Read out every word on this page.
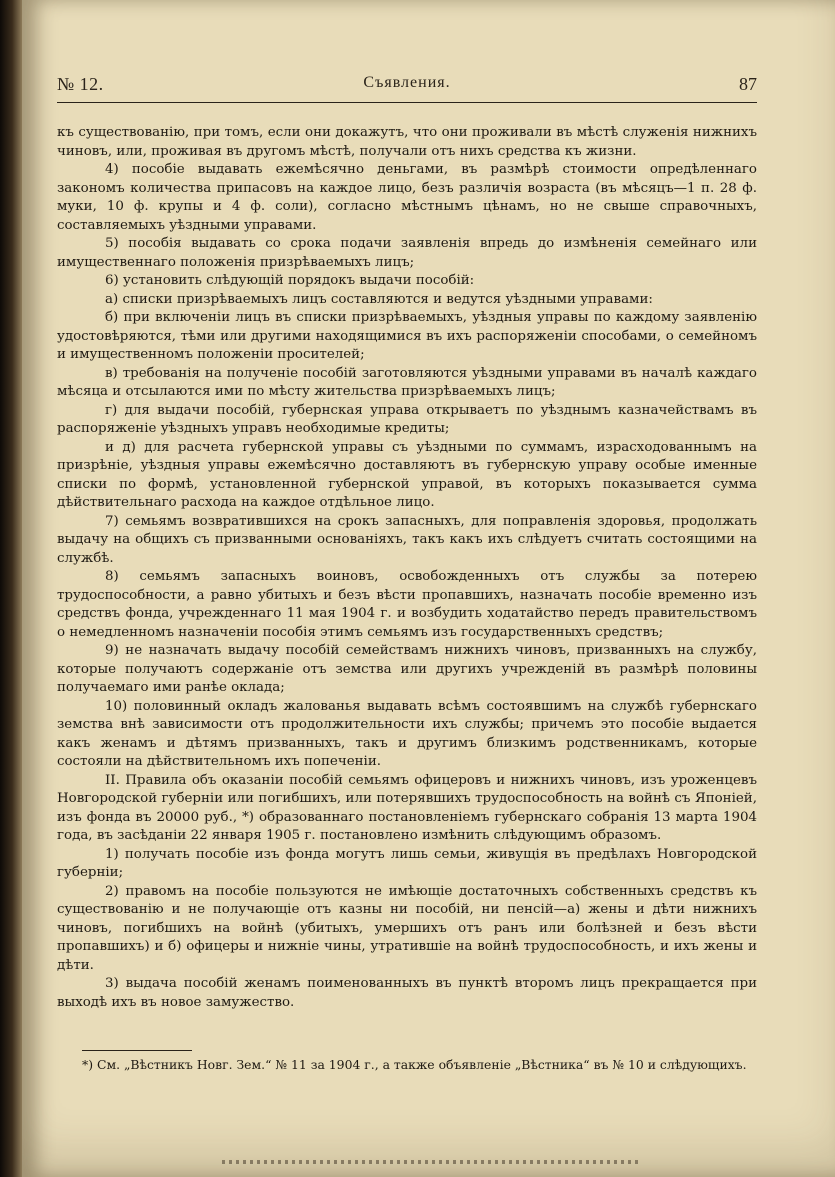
№ 12.	Съявления.	87

къ существованію, при томъ, если они докажутъ, что они проживали въ мѣстѣ служенія нижнихъ чиновъ, или, проживая въ другомъ мѣстѣ, получали отъ нихъ средства къ жизни.

4) пособіе выдавать ежемѣсячно деньгами, въ размѣрѣ стоимости опредѣленнаго закономъ количества припасовъ на каждое лицо, безъ различія возраста (въ мѣсяцъ—1 п. 28 ф. муки, 10 ф. крупы и 4 ф. соли), согласно мѣстнымъ цѣнамъ, но не свыше справочныхъ, составляемыхъ уѣздными управами.

5) пособія выдавать со срока подачи заявленія впредь до измѣненія семейнаго или имущественнаго положенія призрѣваемыхъ лицъ;

6) установить слѣдующій порядокъ выдачи пособій:

а) списки призрѣваемыхъ лицъ составляются и ведутся уѣздными управами:

б) при включеніи лицъ въ списки призрѣваемыхъ, уѣздныя управы по каждому заявленію удостовѣряются, тѣми или другими находящимися въ ихъ распоряженіи способами, о семейномъ и имущественномъ положеніи просителей;

в) требованія на полученіе пособій заготовляются уѣздными управами въ началѣ каждаго мѣсяца и отсылаются ими по мѣсту жительства призрѣваемыхъ лицъ;

г) для выдачи пособій, губернская управа открываетъ по уѣзднымъ казначействамъ въ распоряженіе уѣздныхъ управъ необходимые кредиты;

и д) для расчета губернской управы съ уѣздными по суммамъ, израсходованнымъ на призрѣніе, уѣздныя управы ежемѣсячно доставляютъ въ губернскую управу особые именные списки по формѣ, установленной губернской управой, въ которыхъ показывается сумма дѣйствительнаго расхода на каждое отдѣльное лицо.

7) семьямъ возвратившихся на срокъ запасныхъ, для поправленія здоровья, продолжать выдачу на общихъ съ призванными основаніяхъ, такъ какъ ихъ слѣдуетъ считать состоящими на службѣ.

8) семьямъ запасныхъ воиновъ, освобожденныхъ отъ службы за потерею трудоспособности, а равно убитыхъ и безъ вѣсти пропавшихъ, назначать пособіе временно изъ средствъ фонда, учрежденнаго 11 мая 1904 г. и возбудить ходатайство передъ правительствомъ о немедленномъ назначеніи пособія этимъ семьямъ изъ государственныхъ средствъ;

9) не назначать выдачу пособій семействамъ нижнихъ чиновъ, призванныхъ на службу, которые получаютъ содержаніе отъ земства или другихъ учрежденій въ размѣрѣ половины получаемаго ими ранѣе оклада;

10) половинный окладъ жалованья выдавать всѣмъ состоявшимъ на службѣ губернскаго земства внѣ зависимости отъ продолжительности ихъ службы; причемъ это пособіе выдается какъ женамъ и дѣтямъ призванныхъ, такъ и другимъ близкимъ родственникамъ, которые состояли на дѣйствительномъ ихъ попеченіи.

II. Правила объ оказаніи пособій семьямъ офицеровъ и нижнихъ чиновъ, изъ уроженцевъ Новгородской губерніи или погибшихъ, или потерявшихъ трудоспособность на войнѣ съ Японіей, изъ фонда въ 20000 руб., *) образованнаго постановленіемъ губернскаго собранія 13 марта 1904 года, въ засѣданіи 22 января 1905 г. постановлено измѣнить слѣдующимъ образомъ.

1) получать пособіе изъ фонда могутъ лишь семьи, живущія въ предѣлахъ Новгородской губерніи;

2) правомъ на пособіе пользуются не имѣющіе достаточныхъ собственныхъ средствъ къ существованію и не получающіе отъ казны ни пособій, ни пенсій—а) жены и дѣти нижнихъ чиновъ, погибшихъ на войнѣ (убитыхъ, умершихъ отъ ранъ или болѣзней и безъ вѣсти пропавшихъ) и б) офицеры и нижніе чины, утратившіе на войнѣ трудоспособность, и ихъ жены и дѣти.

3) выдача пособій женамъ поименованныхъ въ пунктѣ второмъ лицъ прекращается при выходѣ ихъ въ новое замужество.

*) См. „Вѣстникъ Новг. Зем.“ № 11 за 1904 г., а также объявленіе „Вѣстника“ въ № 10 и слѣдующихъ.
